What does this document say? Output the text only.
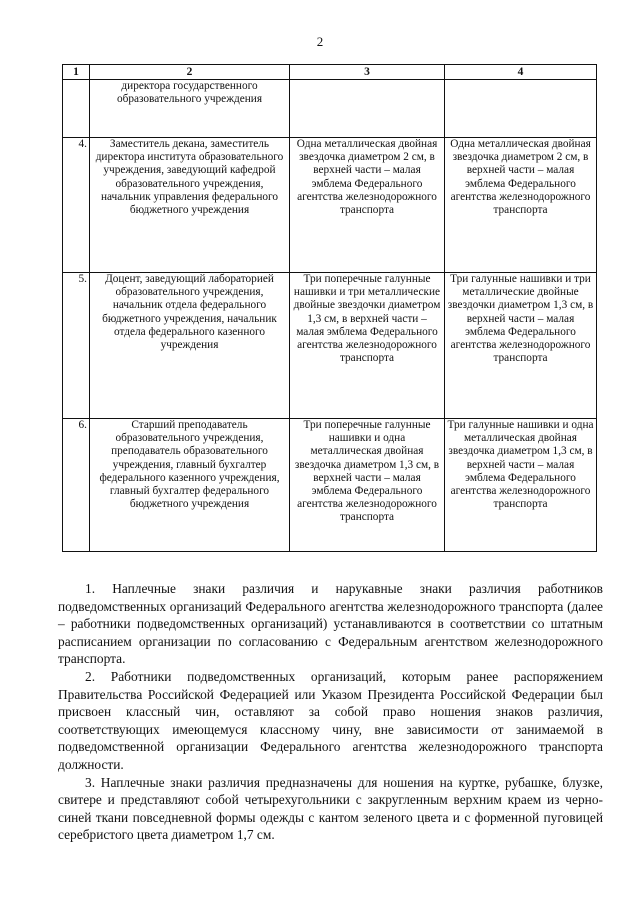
2
1	2	3	4
	директора государственного образовательного учреждения		
4.	Заместитель декана, заместитель директора института образовательного учреждения, заведующий кафедрой образовательного учреждения, начальник управления федерального бюджетного учреждения	Одна металлическая двойная звездочка диаметром 2 см, в верхней части – малая эмблема Федерального агентства железнодорожного транспорта	Одна металлическая двойная звездочка диаметром 2 см, в верхней части – малая эмблема Федерального агентства железнодорожного транспорта
5.	Доцент, заведующий лабораторией образовательного учреждения, начальник отдела федерального бюджетного учреждения, начальник отдела федерального казенного учреждения	Три поперечные галунные нашивки и три металлические двойные звездочки диаметром 1,3 см, в верхней части – малая эмблема Федерального агентства железнодорожного транспорта	Три галунные нашивки и три металлические двойные звездочки диаметром 1,3 см, в верхней части – малая эмблема Федерального агентства железнодорожного транспорта
6.	Старший преподаватель образовательного учреждения, преподаватель образовательного учреждения, главный бухгалтер федерального казенного учреждения, главный бухгалтер федерального бюджетного учреждения	Три поперечные галунные нашивки и одна металлическая двойная звездочка диаметром 1,3 см, в верхней части – малая эмблема Федерального агентства железнодорожного транспорта	Три галунные нашивки и одна металлическая двойная звездочка диаметром 1,3 см, в верхней части – малая эмблема Федерального агентства железнодорожного транспорта

1. Наплечные знаки различия и нарукавные знаки различия работников подведомственных организаций Федерального агентства железнодорожного транспорта (далее – работники подведомственных организаций) устанавливаются в соответствии со штатным расписанием организации по согласованию с Федеральным агентством железнодорожного транспорта.

2. Работники подведомственных организаций, которым ранее распоряжением Правительства Российской Федерацией или Указом Президента Российской Федерации был присвоен классный чин, оставляют за собой право ношения знаков различия, соответствующих имеющемуся классному чину, вне зависимости от занимаемой в подведомственной организации Федерального агентства железнодорожного транспорта должности.

3. Наплечные знаки различия предназначены для ношения на куртке, рубашке, блузке, свитере и представляют собой четырехугольники с закругленным верхним краем из черно-синей ткани повседневной формы одежды с кантом зеленого цвета и с форменной пуговицей серебристого цвета диаметром 1,7 см.
